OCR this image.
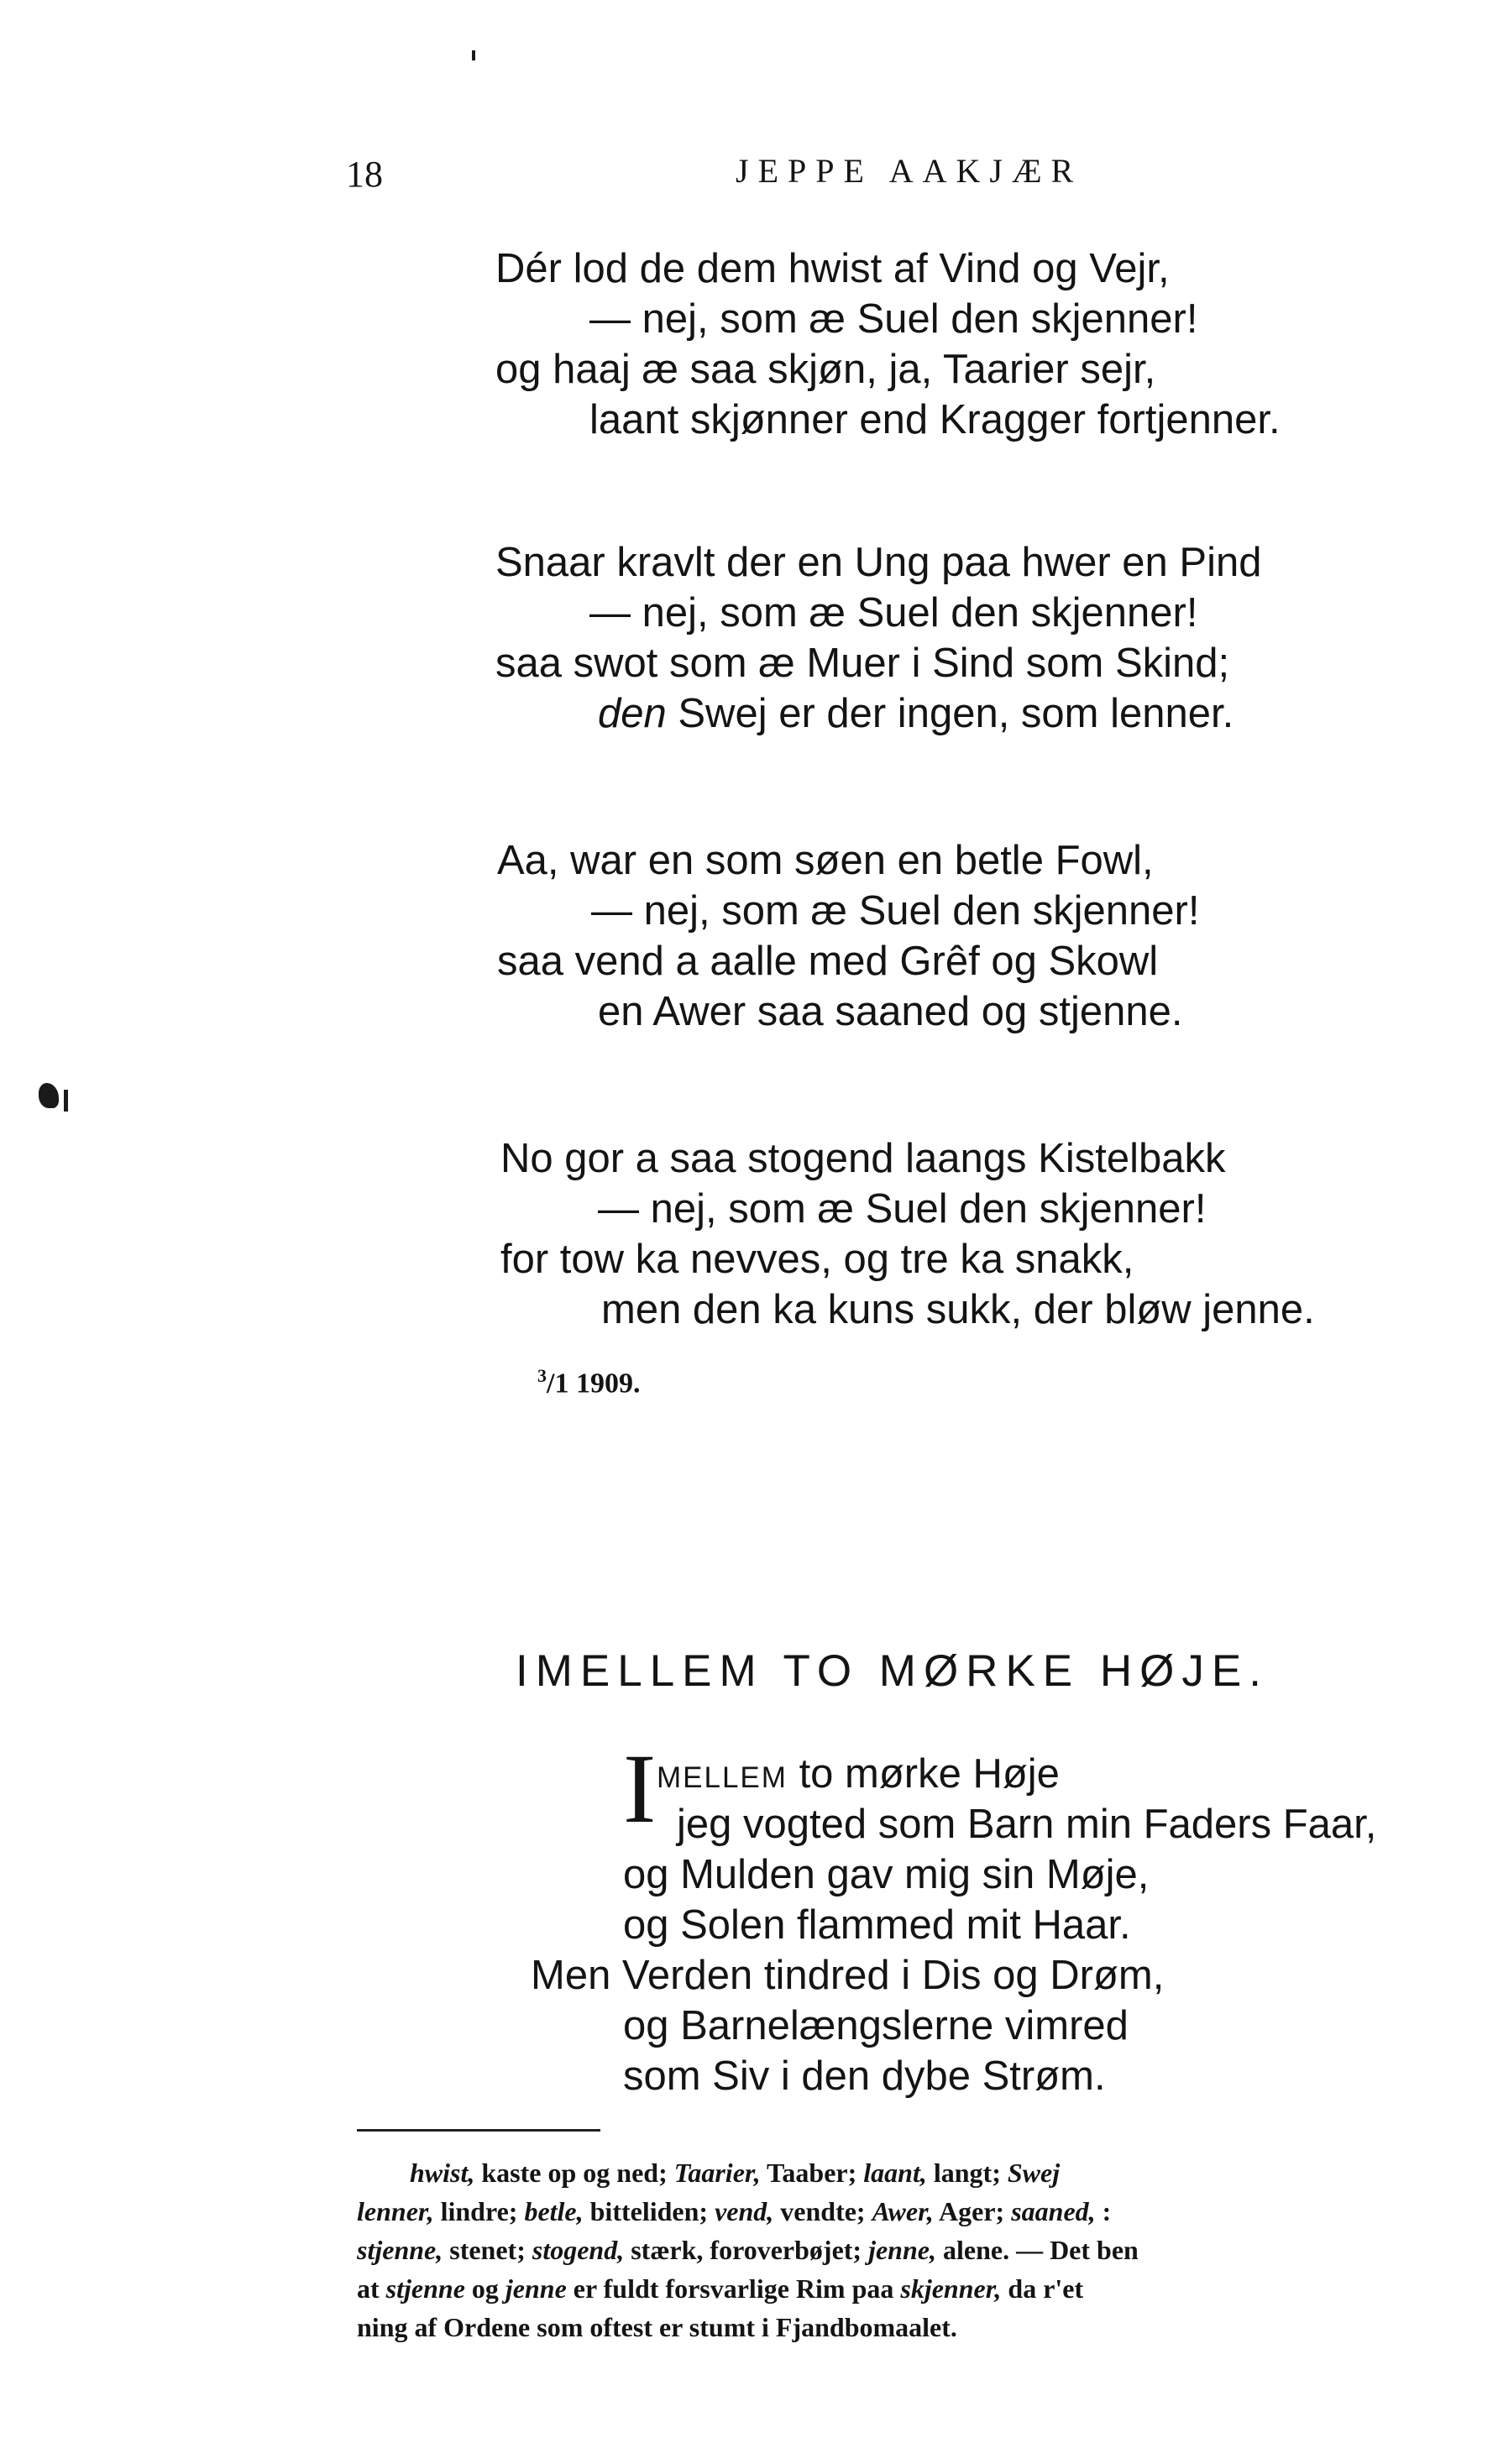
18	JEPPE AAKJÆR
Dér lod de dem hwist af Vind og Vejr,
— nej, som æ Suel den skjenner!
og haaj æ saa skjøn, ja, Taarier sejr,
laant skjønner end Kragger fortjenner.
Snaar kravlt der en Ung paa hwer en Pind
— nej, som æ Suel den skjenner!
saa swot som æ Muer i Sind som Skind;
den Swej er der ingen, som lenner.
Aa, war en som søen en betle Fowl,
— nej, som æ Suel den skjenner!
saa vend a aalle med Grêf og Skowl
en Awer saa saaned og stjenne.
No gor a saa stogend laangs Kistelbakk
— nej, som æ Suel den skjenner!
for tow ka nevves, og tre ka snakk,
men den ka kuns sukk, der bløw jenne.
$^3$/1 1909.
IMELLEM TO MØRKE HØJE.
I MELLEM to mørke Høje
jeg vogted som Barn min Faders Faar,
og Mulden gav mig sin Møje,
og Solen flammed mit Haar.
Men Verden tindred i Dis og Drøm,
og Barnelængslerne vimred
som Siv i den dybe Strøm.
hwist, kaste op og ned; Taarier, Taaber; laant, langt; Swej
lenner, lindre; betle, bitteliden; vend, vendte; Awer, Ager; saaned, :
stjenne, stenet; stogend, stærk, foroverbøjet; jenne, alene. — Det ben
at stjenne og jenne er fuldt forsvarlige Rim paa skjenner, da r'et
ning af Ordene som oftest er stumt i Fjandbomaalet.
